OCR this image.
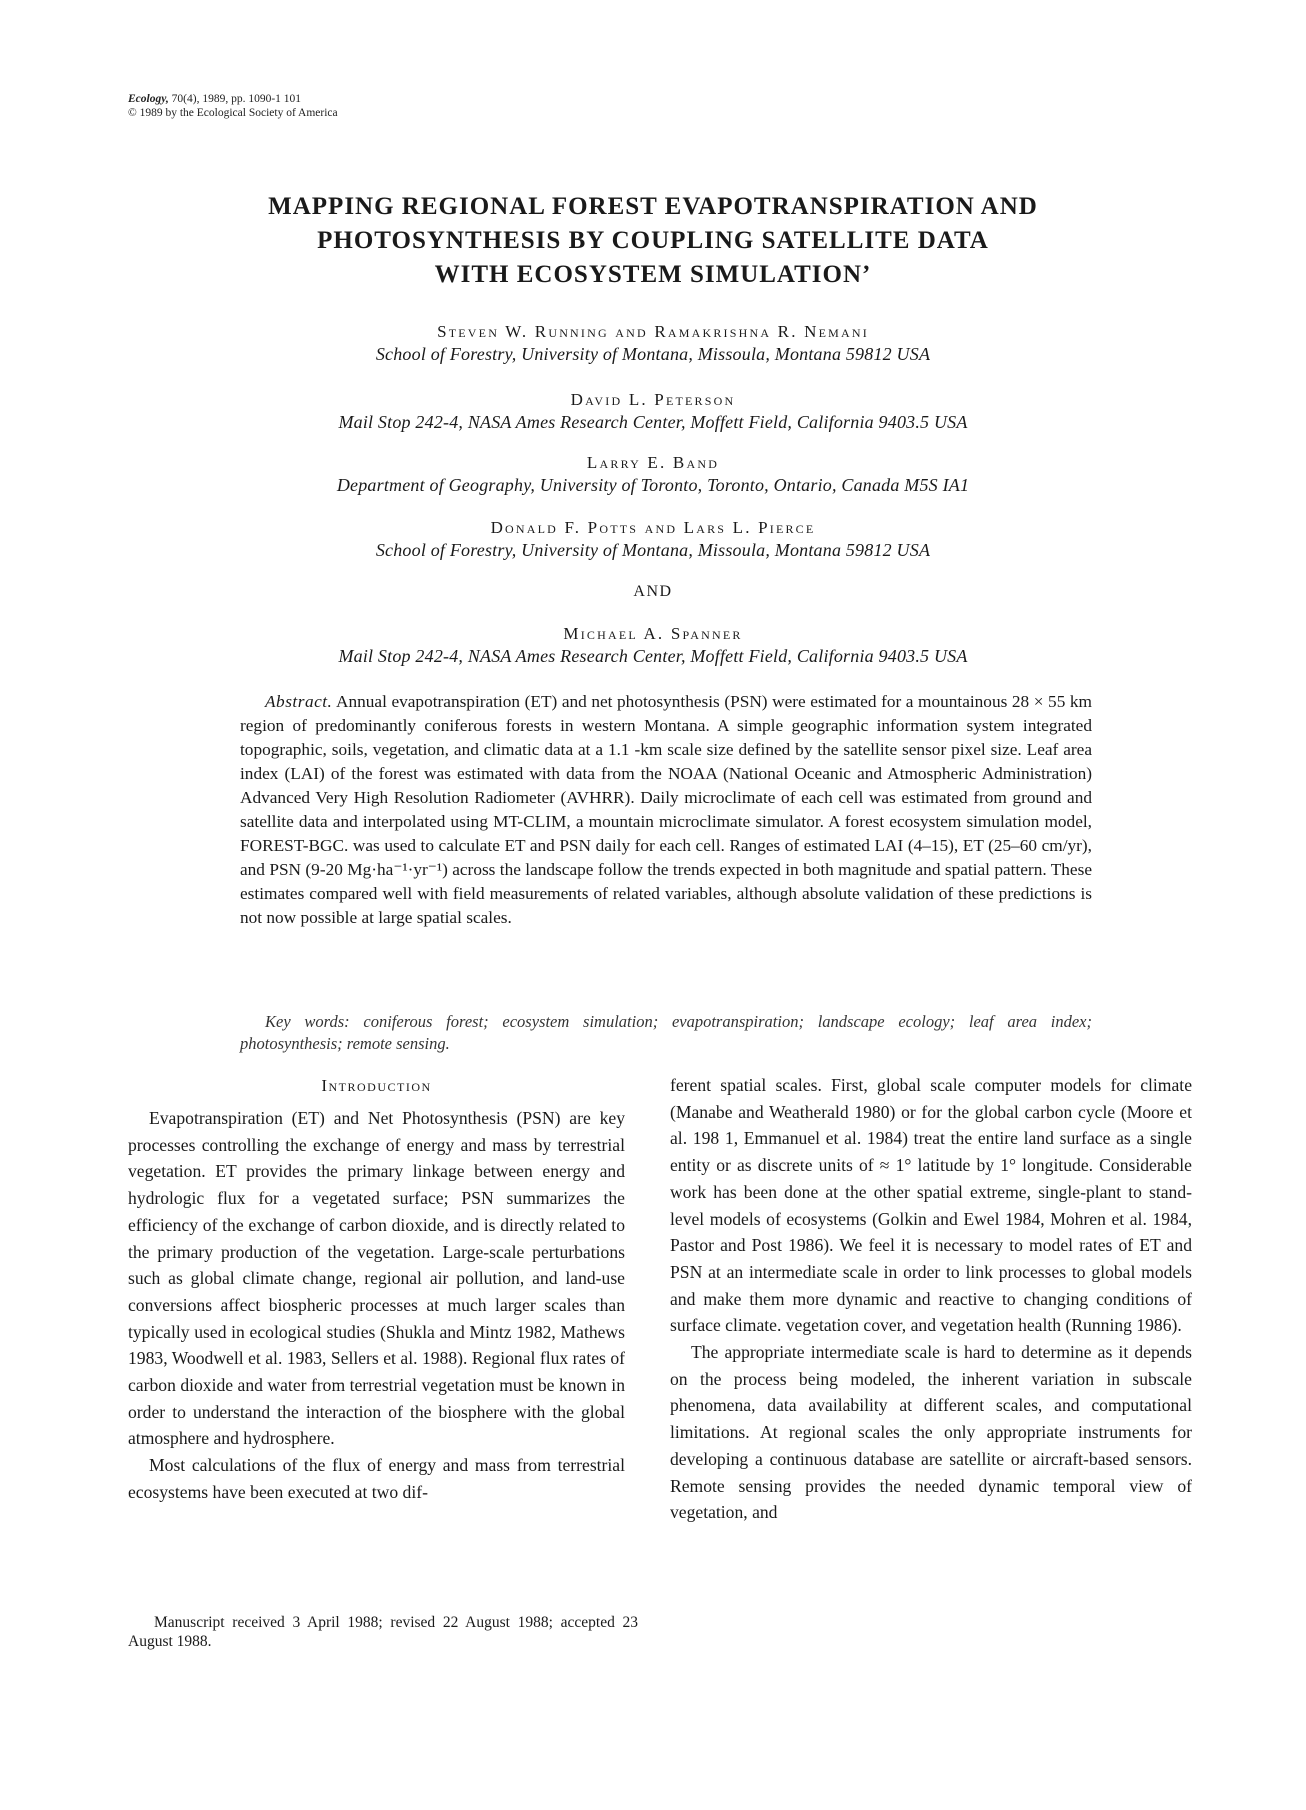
Ecology, 70(4), 1989, pp. 1090-1 101
© 1989 by the Ecological Society of America
MAPPING REGIONAL FOREST EVAPOTRANSPIRATION AND
PHOTOSYNTHESIS BY COUPLING SATELLITE DATA
WITH ECOSYSTEM SIMULATION’
Steven W. Running and Ramakrishna R. Nemani
School of Forestry, University of Montana, Missoula, Montana 59812 USA
David L. Peterson
Mail Stop 242-4, NASA Ames Research Center, Moffett Field, California 9403.5 USA
Larry E. Band
Department of Geography, University of Toronto, Toronto, Ontario, Canada M5S IA1
Donald F. Potts and Lars L. Pierce
School of Forestry, University of Montana, Missoula, Montana 59812 USA
AND
Michael A. Spanner
Mail Stop 242-4, NASA Ames Research Center, Moffett Field, California 9403.5 USA
Abstract. Annual evapotranspiration (ET) and net photosynthesis (PSN) were estimated for a mountainous 28 × 55 km region of predominantly coniferous forests in western Montana. A simple geographic information system integrated topographic, soils, vegetation, and climatic data at a 1.1 -km scale size defined by the satellite sensor pixel size. Leaf area index (LAI) of the forest was estimated with data from the NOAA (National Oceanic and Atmospheric Administration) Advanced Very High Resolution Radiometer (AVHRR). Daily microclimate of each cell was estimated from ground and satellite data and interpolated using MT-CLIM, a mountain microclimate simulator. A forest ecosystem simulation model, FOREST-BGC. was used to calculate ET and PSN daily for each cell. Ranges of estimated LAI (4–15), ET (25–60 cm/yr), and PSN (9-20 Mg·ha⁻¹·yr⁻¹) across the landscape follow the trends expected in both magnitude and spatial pattern. These estimates compared well with field measurements of related variables, although absolute validation of these predictions is not now possible at large spatial scales.
Key words: coniferous forest; ecosystem simulation; evapotranspiration; landscape ecology; leaf area index; photosynthesis; remote sensing.
Introduction

Evapotranspiration (ET) and Net Photosynthesis (PSN) are key processes controlling the exchange of energy and mass by terrestrial vegetation. ET provides the primary linkage between energy and hydrologic flux for a vegetated surface; PSN summarizes the efficiency of the exchange of carbon dioxide, and is directly related to the primary production of the vegetation. Large-scale perturbations such as global climate change, regional air pollution, and land-use conversions affect biospheric processes at much larger scales than typically used in ecological studies (Shukla and Mintz 1982, Mathews 1983, Woodwell et al. 1983, Sellers et al. 1988). Regional flux rates of carbon dioxide and water from terrestrial vegetation must be known in order to understand the interaction of the biosphere with the global atmosphere and hydrosphere.

Most calculations of the flux of energy and mass from terrestrial ecosystems have been executed at two dif-

ferent spatial scales. First, global scale computer models for climate (Manabe and Weatherald 1980) or for the global carbon cycle (Moore et al. 198 1, Emmanuel et al. 1984) treat the entire land surface as a single entity or as discrete units of ≈ 1° latitude by 1° longitude. Considerable work has been done at the other spatial extreme, single-plant to stand-level models of ecosystems (Golkin and Ewel 1984, Mohren et al. 1984, Pastor and Post 1986). We feel it is necessary to model rates of ET and PSN at an intermediate scale in order to link processes to global models and make them more dynamic and reactive to changing conditions of surface climate. vegetation cover, and vegetation health (Running 1986).

The appropriate intermediate scale is hard to determine as it depends on the process being modeled, the inherent variation in subscale phenomena, data availability at different scales, and computational limitations. At regional scales the only appropriate instruments for developing a continuous database are satellite or aircraft-based sensors. Remote sensing provides the needed dynamic temporal view of vegetation, and

Manuscript received 3 April 1988; revised 22 August 1988; accepted 23 August 1988.
